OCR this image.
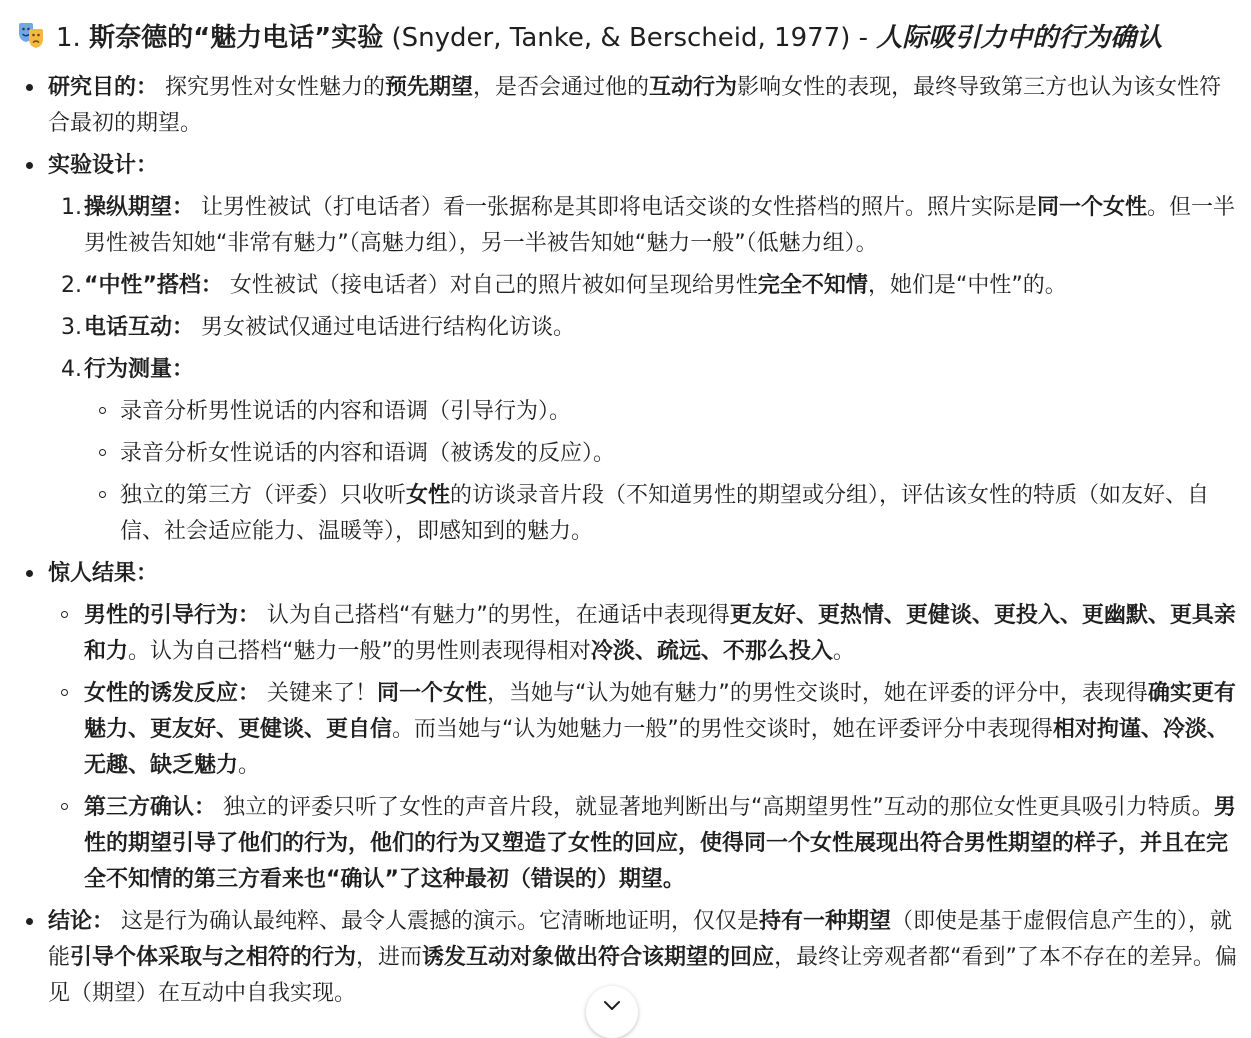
1. 斯奈德的“魅力电话”实验 (Snyder, Tanke, & Berscheid, 1977) - 人际吸引力中的行为确认
研究目的： 探究男性对女性魅力的预先期望，是否会通过他的互动行为影响女性的表现，最终导致第三方也认为该女性符合最初的期望。
实验设计：
1. 操纵期望： 让男性被试（打电话者）看一张据称是其即将电话交谈的女性搭档的照片。照片实际是同一个女性。但一半男性被告知她“非常有魅力”（高魅力组），另一半被告知她“魅力一般”（低魅力组）。
2. “中性”搭档： 女性被试（接电话者）对自己的照片被如何呈现给男性完全不知情，她们是“中性”的。
3. 电话互动： 男女被试仅通过电话进行结构化访谈。
4. 行为测量：
录音分析男性说话的内容和语调（引导行为）。
录音分析女性说话的内容和语调（被诱发的反应）。
独立的第三方（评委）只收听女性的访谈录音片段（不知道男性的期望或分组），评估该女性的特质（如友好、自信、社会适应能力、温暖等），即感知到的魅力。
惊人结果：
男性的引导行为： 认为自己搭档“有魅力”的男性，在通话中表现得更友好、更热情、更健谈、更投入、更幽默、更具亲和力。认为自己搭档“魅力一般”的男性则表现得相对冷淡、疏远、不那么投入。
女性的诱发反应： 关键来了！同一个女性，当她与“认为她有魅力”的男性交谈时，她在评委的评分中，表现得确实更有魅力、更友好、更健谈、更自信。而当她与“认为她魅力一般”的男性交谈时，她在评委评分中表现得相对拘谨、冷淡、无趣、缺乏魅力。
第三方确认： 独立的评委只听了女性的声音片段，就显著地判断出与“高期望男性”互动的那位女性更具吸引力特质。男性的期望引导了他们的行为，他们的行为又塑造了女性的回应，使得同一个女性展现出符合男性期望的样子，并且在完全不知情的第三方看来也“确认”了这种最初（错误的）期望。
结论： 这是行为确认最纯粹、最令人震撼的演示。它清晰地证明，仅仅是持有一种期望（即使是基于虚假信息产生的），就能引导个体采取与之相符的行为，进而诱发互动对象做出符合该期望的回应，最终让旁观者都“看到”了本不存在的差异。偏见（期望）在互动中自我实现。
